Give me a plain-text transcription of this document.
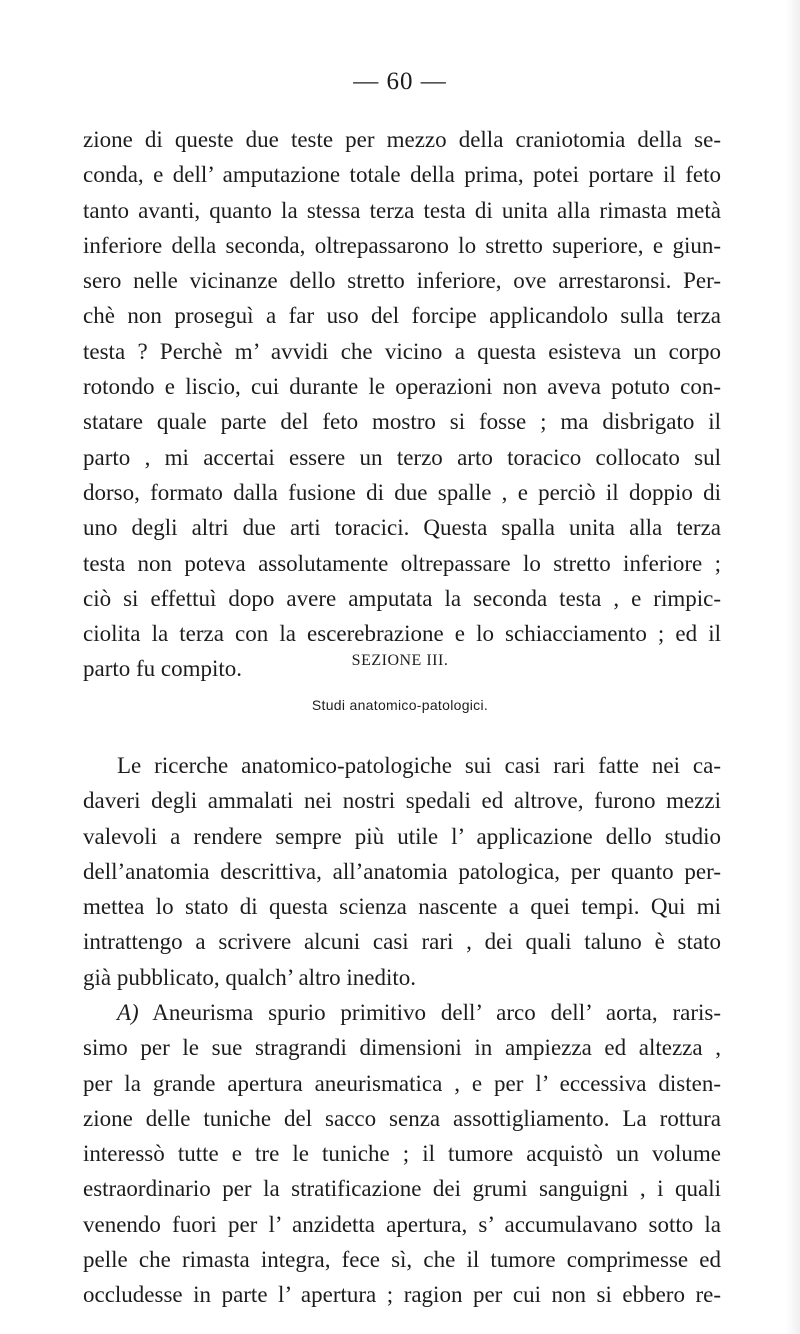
— 60 —
zione di queste due teste per mezzo della craniotomia della se-
conda, e dell’ amputazione totale della prima, potei portare il feto
tanto avanti, quanto la stessa terza testa di unita alla rimasta metà
inferiore della seconda, oltrepassarono lo stretto superiore, e giun-
sero nelle vicinanze dello stretto inferiore, ove arrestaronsi. Per-
chè non proseguì a far uso del forcipe applicandolo sulla terza
testa ? Perchè m’ avvidi che vicino a questa esisteva un corpo
rotondo e liscio, cui durante le operazioni non aveva potuto con-
statare quale parte del feto mostro si fosse ; ma disbrigato il
parto , mi accertai essere un terzo arto toracico collocato sul
dorso, formato dalla fusione di due spalle , e perciò il doppio di
uno degli altri due arti toracici. Questa spalla unita alla terza
testa non poteva assolutamente oltrepassare lo stretto inferiore ;
ciò si effettuì dopo avere amputata la seconda testa , e rimpic-
ciolita la terza con la escerebrazione e lo schiacciamento ; ed il
parto fu compito.	SEZIONE III.
Studi anatomico-patologici.
Le ricerche anatomico-patologiche sui casi rari fatte nei ca-
daveri degli ammalati nei nostri spedali ed altrove, furono mezzi
valevoli a rendere sempre più utile l’ applicazione dello studio
dell’anatomia descrittiva, all’anatomia patologica, per quanto per-
mettea lo stato di questa scienza nascente a quei tempi. Qui mi
intrattengo a scrivere alcuni casi rari , dei quali taluno è stato
già pubblicato, qualch’ altro inedito.
A) Aneurisma spurio primitivo dell’ arco dell’ aorta, raris-
simo per le sue stragrandi dimensioni in ampiezza ed altezza ,
per la grande apertura aneurismatica , e per l’ eccessiva disten-
zione delle tuniche del sacco senza assottigliamento. La rottura
interessò tutte e tre le tuniche ; il tumore acquistò un volume
estraordinario per la stratificazione dei grumi sanguigni , i quali
venendo fuori per l’ anzidetta apertura, s’ accumulavano sotto la
pelle che rimasta integra, fece sì, che il tumore comprimesse ed
occludesse in parte l’ apertura ; ragion per cui non si ebbero re-
